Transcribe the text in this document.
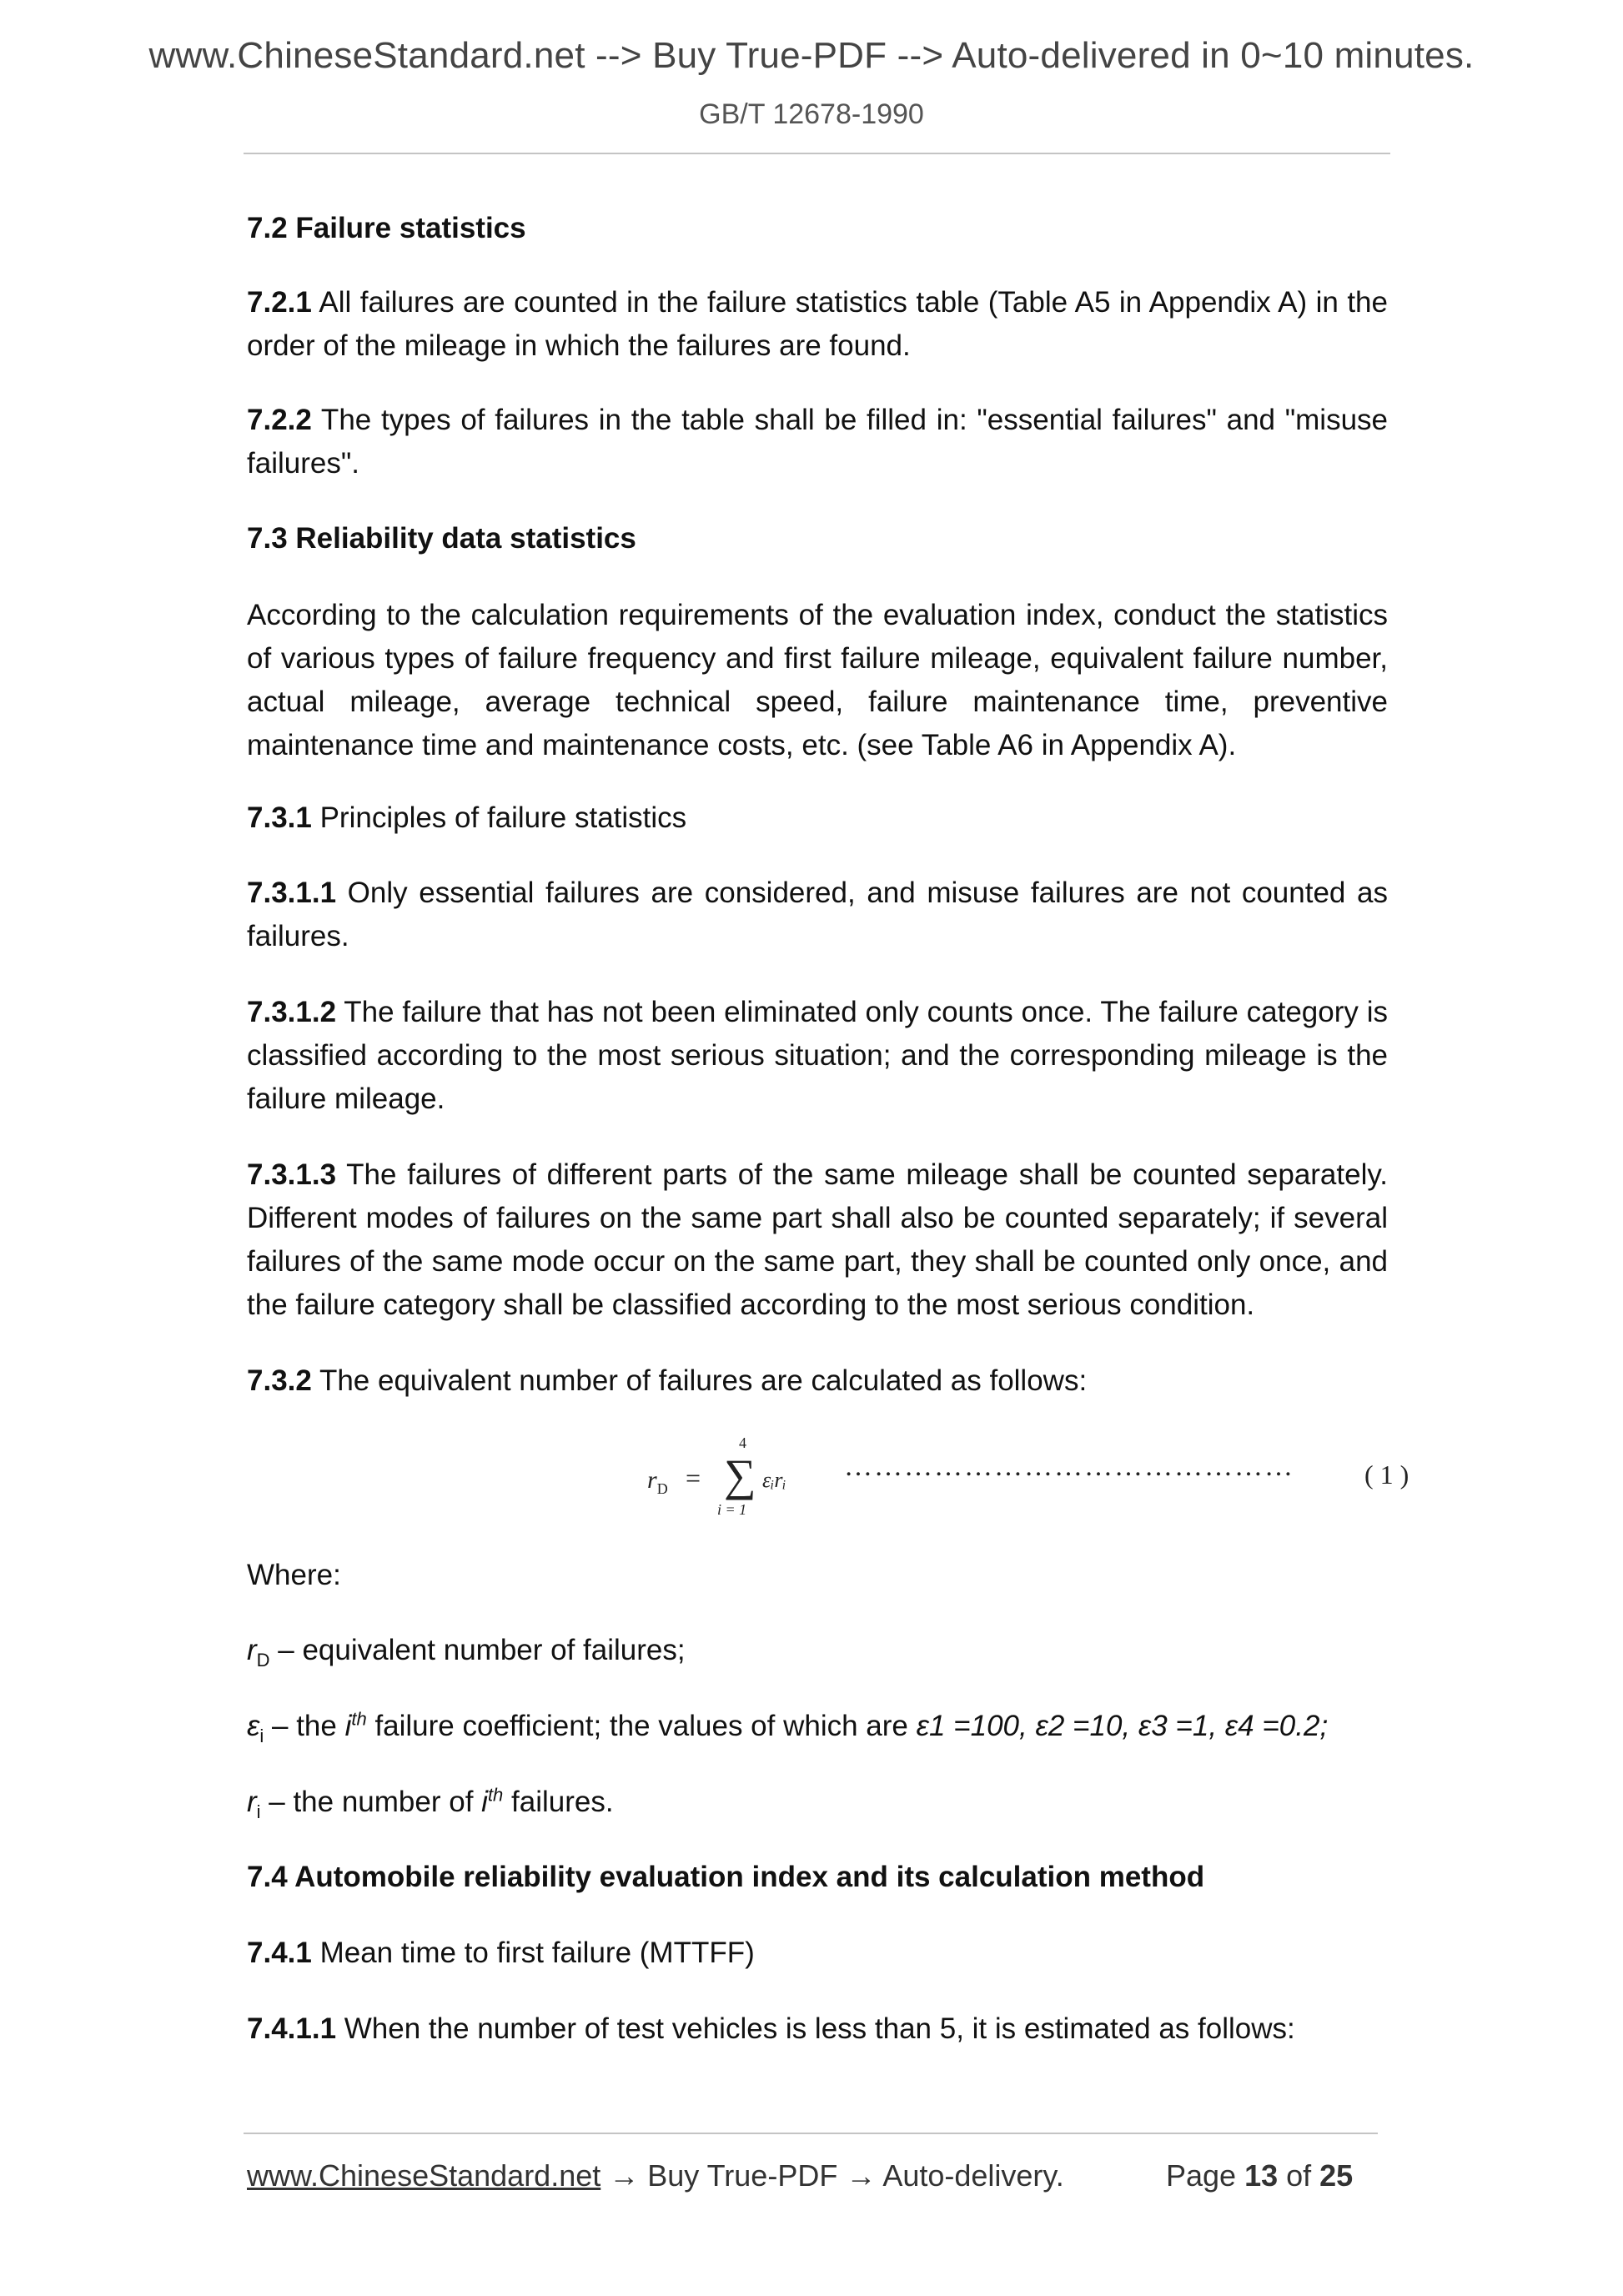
www.ChineseStandard.net --> Buy True-PDF --> Auto-delivered in 0~10 minutes.
GB/T 12678-1990

7.2 Failure statistics

7.2.1 All failures are counted in the failure statistics table (Table A5 in Appendix A) in the order of the mileage in which the failures are found.

7.2.2 The types of failures in the table shall be filled in: "essential failures" and "misuse failures".

7.3 Reliability data statistics

According to the calculation requirements of the evaluation index, conduct the statistics of various types of failure frequency and first failure mileage, equivalent failure number, actual mileage, average technical speed, failure maintenance time, preventive maintenance time and maintenance costs, etc. (see Table A6 in Appendix A).

7.3.1 Principles of failure statistics

7.3.1.1 Only essential failures are considered, and misuse failures are not counted as failures.

7.3.1.2 The failure that has not been eliminated only counts once. The failure category is classified according to the most serious situation; and the corresponding mileage is the failure mileage.

7.3.1.3 The failures of different parts of the same mileage shall be counted separately. Different modes of failures on the same part shall also be counted separately; if several failures of the same mode occur on the same part, they shall be counted only once, and the failure category shall be classified according to the most serious condition.

7.3.2 The equivalent number of failures are calculated as follows:

Where:

$r_D$ – equivalent number of failures;

$\varepsilon_i$ – the $i^{th}$ failure coefficient; the values of which are ε1 =100, ε2 =10, ε3 =1, ε4 =0.2;

$r_i$ – the number of $i^{th}$ failures.

7.4 Automobile reliability evaluation index and its calculation method

7.4.1 Mean time to first failure (MTTFF)

7.4.1.1 When the number of test vehicles is less than 5, it is estimated as follows:

$r_D$ =
4
∑
i = 1
εᵢrᵢ ………………………………………	( 1 )
www.ChineseStandard.net → Buy True-PDF → Auto-delivery.	Page 13 of 25
